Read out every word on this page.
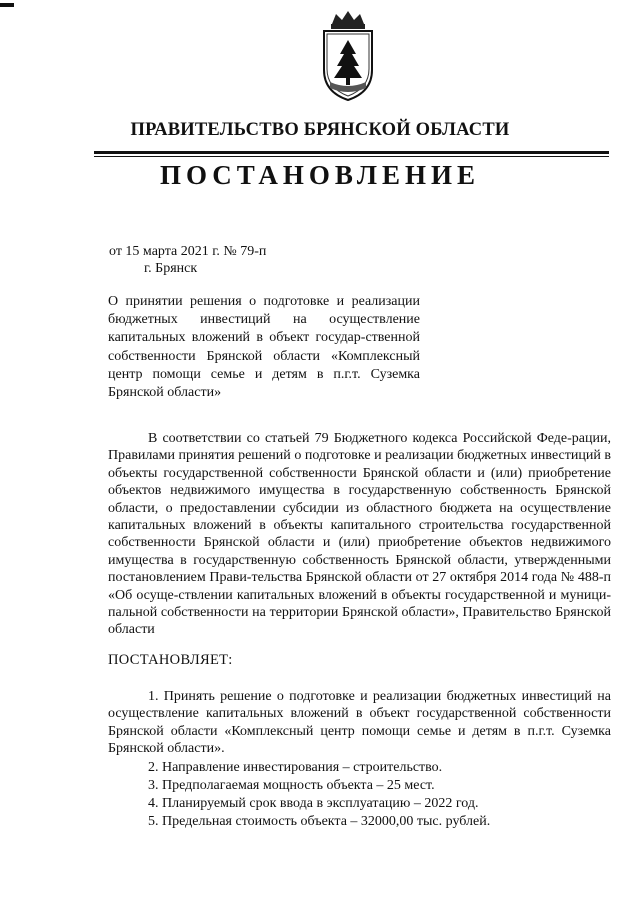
ПРАВИТЕЛЬСТВО БРЯНСКОЙ ОБЛАСТИ
ПОСТАНОВЛЕНИЕ
от 15 марта 2021 г. № 79-п
г. Брянск
О принятии решения о подготовке и реализации бюджетных инвестиций на осуществление капитальных вложений в объект государ-ственной собственности Брянской области «Комплексный центр помощи семье и детям в п.г.т. Суземка Брянской области»
В соответствии со статьей 79 Бюджетного кодекса Российской Феде-рации, Правилами принятия решений о подготовке и реализации бюджетных инвестиций в объекты государственной собственности Брянской области и (или) приобретение объектов недвижимого имущества в государственную собственность Брянской области, о предоставлении субсидии из областного бюджета на осуществление капитальных вложений в объекты капитального строительства государственной собственности Брянской области и (или) приобретение объектов недвижимого имущества в государственную собственность Брянской области, утвержденными постановлением Прави-тельства Брянской области от 27 октября 2014 года № 488-п «Об осуще-ствлении капитальных вложений в объекты государственной и муници-пальной собственности на территории Брянской области», Правительство Брянской области
ПОСТАНОВЛЯЕТ:
1. Принять решение о подготовке и реализации бюджетных инвестиций на осуществление капитальных вложений в объект государственной собственности Брянской области «Комплексный центр помощи семье и детям в п.г.т. Суземка Брянской области».
2. Направление инвестирования – строительство.
3. Предполагаемая мощность объекта – 25 мест.
4. Планируемый срок ввода в эксплуатацию – 2022 год.
5. Предельная стоимость объекта – 32000,00 тыс. рублей.
